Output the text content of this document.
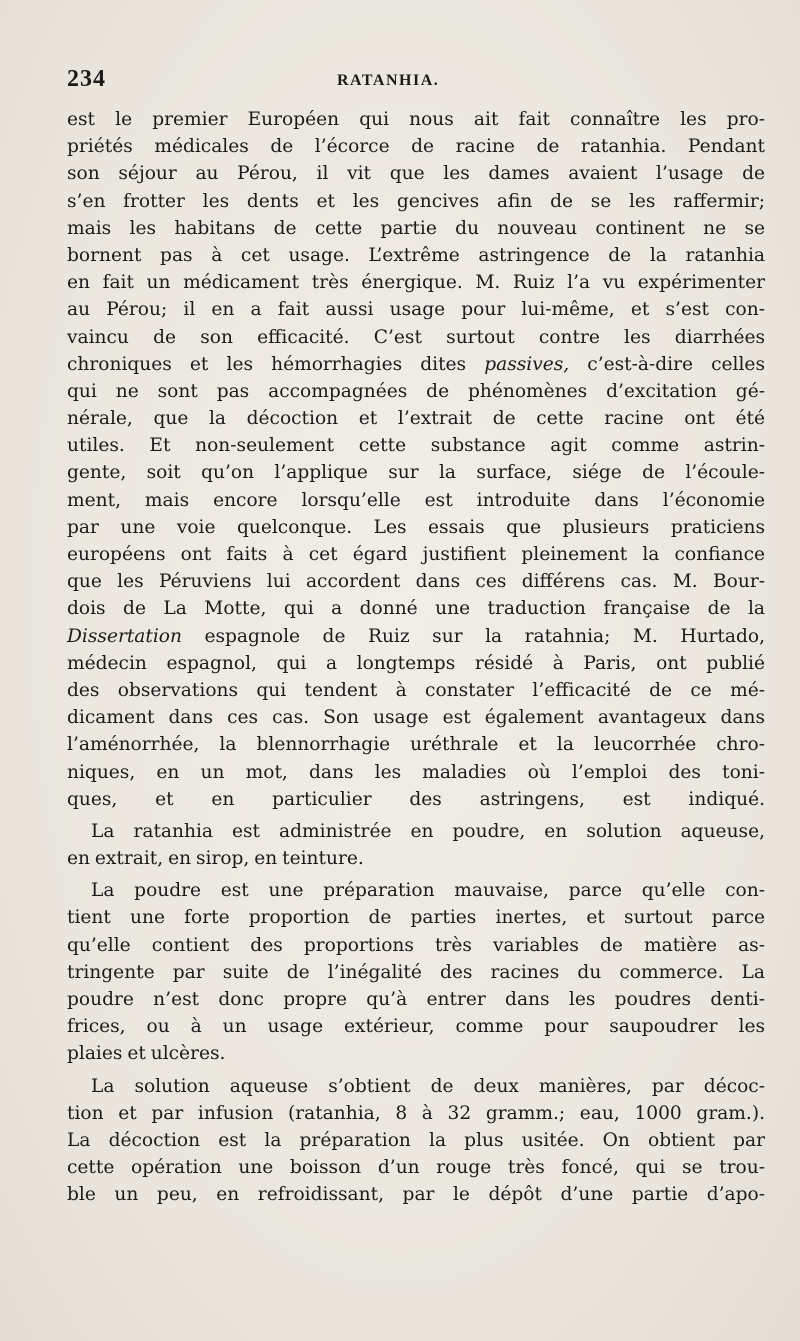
234	RATANHIA.
est le premier Européen qui nous ait fait connaître les pro-
priétés médicales de l’écorce de racine de ratanhia. Pendant
son séjour au Pérou, il vit que les dames avaient l’usage de
s’en frotter les dents et les gencives afin de se les raffermir;
mais les habitans de cette partie du nouveau continent ne se
bornent pas à cet usage. L’extrême astringence de la ratanhia
en fait un médicament très énergique. M. Ruiz l’a vu expérimenter
au Pérou; il en a fait aussi usage pour lui-même, et s’est con-
vaincu de son efficacité. C’est surtout contre les diarrhées
chroniques et les hémorrhagies dites passives, c’est-à-dire celles
qui ne sont pas accompagnées de phénomènes d’excitation gé-
nérale, que la décoction et l’extrait de cette racine ont été
utiles. Et non-seulement cette substance agit comme astrin-
gente, soit qu’on l’applique sur la surface, siége de l’écoule-
ment, mais encore lorsqu’elle est introduite dans l’économie
par une voie quelconque. Les essais que plusieurs praticiens
européens ont faits à cet égard justifient pleinement la confiance
que les Péruviens lui accordent dans ces différens cas. M. Bour-
dois de La Motte, qui a donné une traduction française de la
Dissertation espagnole de Ruiz sur la ratahnia; M. Hurtado,
médecin espagnol, qui a longtemps résidé à Paris, ont publié
des observations qui tendent à constater l’efficacité de ce mé-
dicament dans ces cas. Son usage est également avantageux dans
l’aménorrhée, la blennorrhagie uréthrale et la leucorrhée chro-
niques, en un mot, dans les maladies où l’emploi des toni-
ques, et en particulier des astringens, est indiqué.
La ratanhia est administrée en poudre, en solution aqueuse,
en extrait, en sirop, en teinture.
La poudre est une préparation mauvaise, parce qu’elle con-
tient une forte proportion de parties inertes, et surtout parce
qu’elle contient des proportions très variables de matière as-
tringente par suite de l’inégalité des racines du commerce. La
poudre n’est donc propre qu’à entrer dans les poudres denti-
frices, ou à un usage extérieur, comme pour saupoudrer les
plaies et ulcères.
La solution aqueuse s’obtient de deux manières, par décoc-
tion et par infusion (ratanhia, 8 à 32 gramm.; eau, 1000 gram.).
La décoction est la préparation la plus usitée. On obtient par
cette opération une boisson d’un rouge très foncé, qui se trou-
ble un peu, en refroidissant, par le dépôt d’une partie d’apo-
